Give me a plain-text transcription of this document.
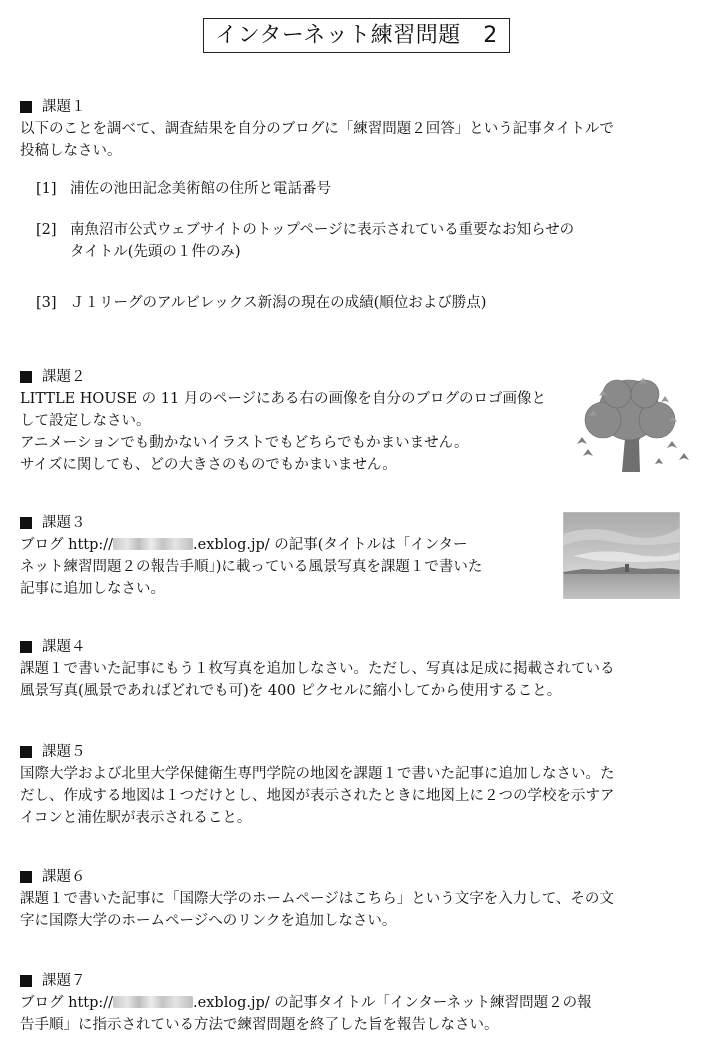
インターネット練習問題　2
課題１

以下のことを調べて、調査結果を自分のブログに「練習問題２回答」という記事タイトルで

投稿しなさい。

[1] 浦佐の池田記念美術館の住所と電話番号
[2] 南魚沼市公式ウェブサイトのトップページに表示されている重要なお知らせの
タイトル(先頭の１件のみ)
[3] Ｊ１リーグのアルビレックス新潟の現在の成績(順位および勝点)
課題２

LITTLE HOUSE の 11 月のページにある右の画像を自分のブログのロゴ画像と

して設定しなさい。

アニメーションでも動かないイラストでもどちらでもかまいません。

サイズに関しても、どの大きさのものでもかまいません。

課題３

ブログ http://	.exblog.jp/ の記事(タイトルは「インター

ネット練習問題２の報告手順」)に載っている風景写真を課題１で書いた

記事に追加しなさい。

課題４

課題１で書いた記事にもう１枚写真を追加しなさい。ただし、写真は足成に掲載されている

風景写真(風景であればどれでも可)を 400 ピクセルに縮小してから使用すること。

課題５

国際大学および北里大学保健衛生専門学院の地図を課題１で書いた記事に追加しなさい。た

だし、作成する地図は１つだけとし、地図が表示されたときに地図上に２つの学校を示すア

イコンと浦佐駅が表示されること。

課題６

課題１で書いた記事に「国際大学のホームページはこちら」という文字を入力して、その文

字に国際大学のホームページへのリンクを追加しなさい。

課題７

ブログ http://	.exblog.jp/ の記事タイトル「インターネット練習問題２の報

告手順」に指示されている方法で練習問題を終了した旨を報告しなさい。
